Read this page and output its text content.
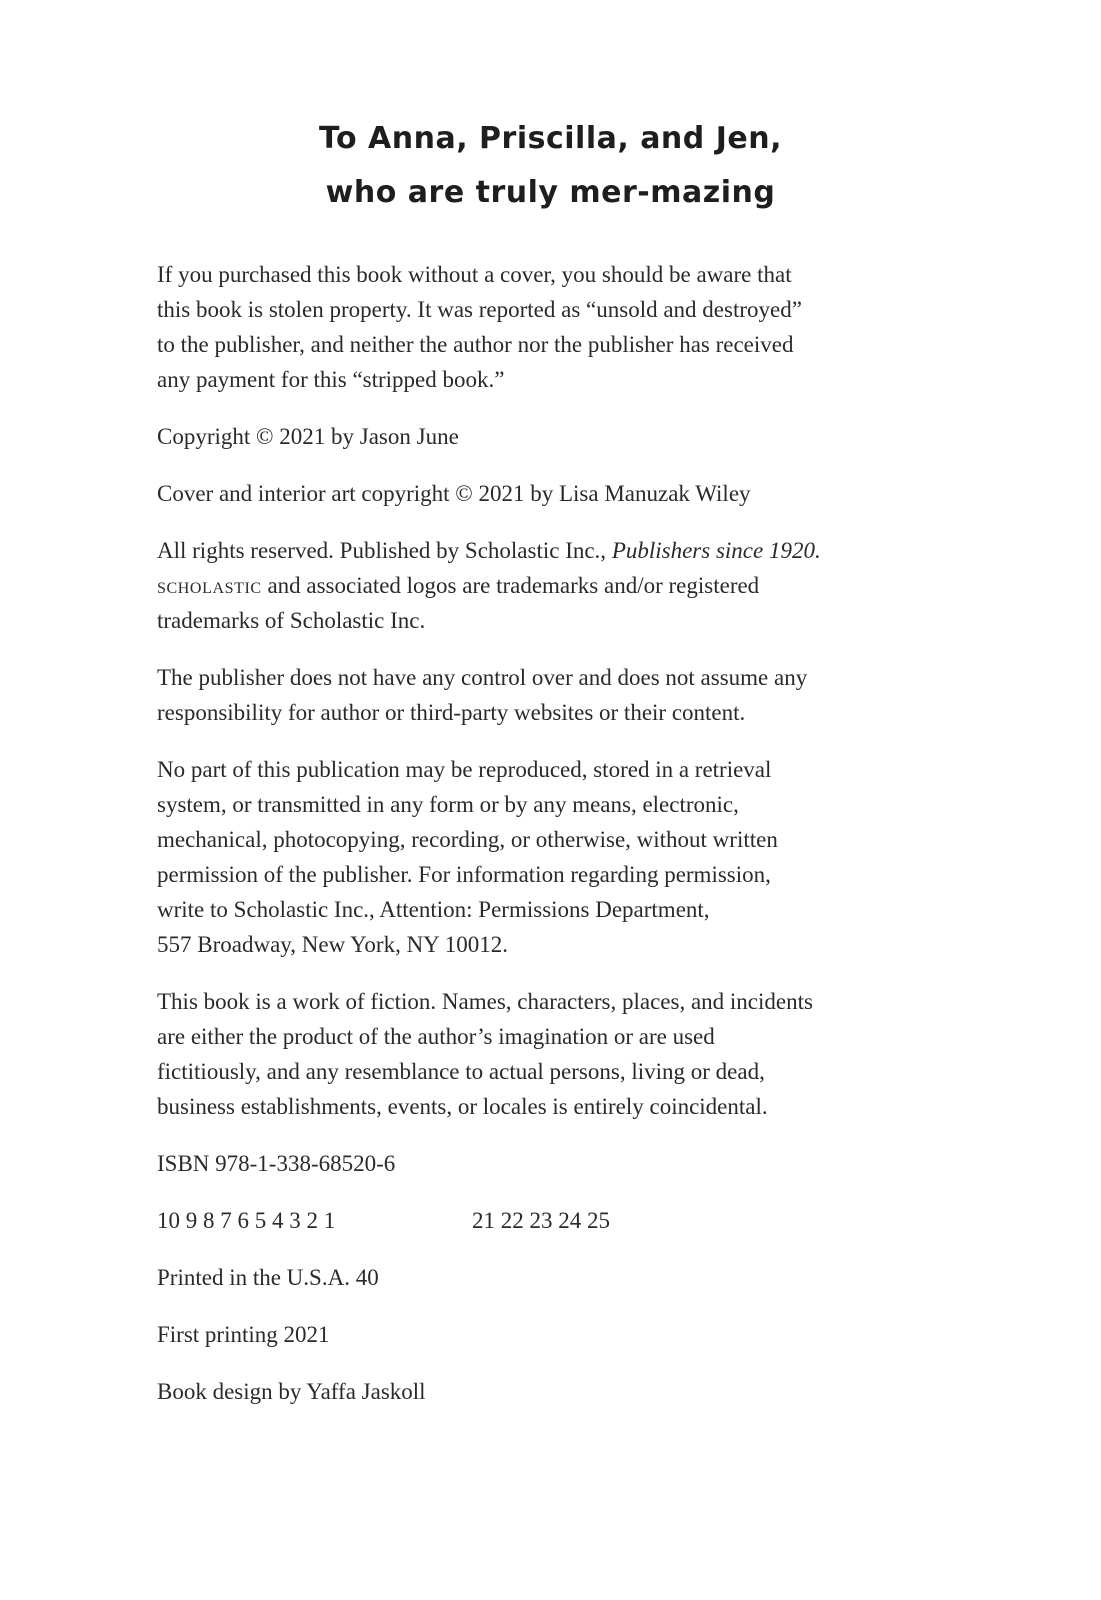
To Anna, Priscilla, and Jen,
who are truly mer-mazing
If you purchased this book without a cover, you should be aware that
this book is stolen property. It was reported as “unsold and destroyed”
to the publisher, and neither the author nor the publisher has received
any payment for this “stripped book.”
Copyright © 2021 by Jason June
Cover and interior art copyright © 2021 by Lisa Manuzak Wiley
All rights reserved. Published by Scholastic Inc., Publishers since 1920.
scholastic and associated logos are trademarks and/or registered
trademarks of Scholastic Inc.
The publisher does not have any control over and does not assume any
responsibility for author or third-party websites or their content.
No part of this publication may be reproduced, stored in a retrieval
system, or transmitted in any form or by any means, electronic,
mechanical, photocopying, recording, or otherwise, without written
permission of the publisher. For information regarding permission,
write to Scholastic Inc., Attention: Permissions Department,
557 Broadway, New York, NY 10012.
This book is a work of fiction. Names, characters, places, and incidents
are either the product of the author’s imagination or are used
fictitiously, and any resemblance to actual persons, living or dead,
business establishments, events, or locales is entirely coincidental.
ISBN 978-1-338-68520-6
10 9 8 7 6 5 4 3 2 1	21 22 23 24 25
Printed in the U.S.A. 40
First printing 2021
Book design by Yaffa Jaskoll
